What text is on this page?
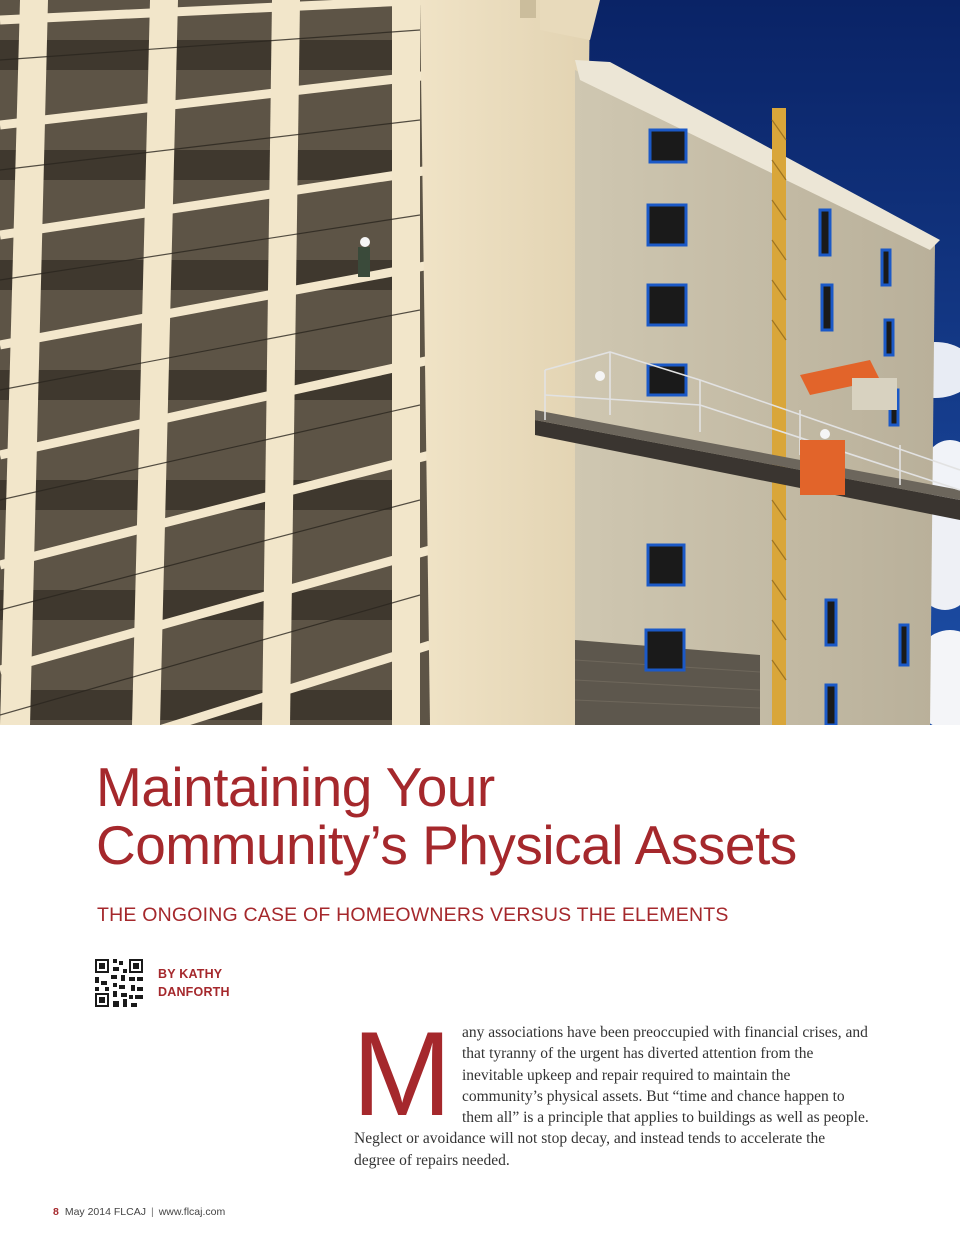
Maintaining Your
Community’s Physical Assets
THE ONGOING CASE OF HOMEOWNERS VERSUS THE ELEMENTS
BY KATHY
DANFORTH

Many associations have been preoccupied with financial crises, and that tyranny of the urgent has diverted attention from the inevitable upkeep and repair required to maintain the community’s physical assets. But “time and chance happen to them all” is a principle that applies to buildings as well as people. Neglect or avoidance will not stop decay, and instead tends to accelerate the degree of repairs needed.

8 May 2014 FLCAJ | www.flcaj.com
